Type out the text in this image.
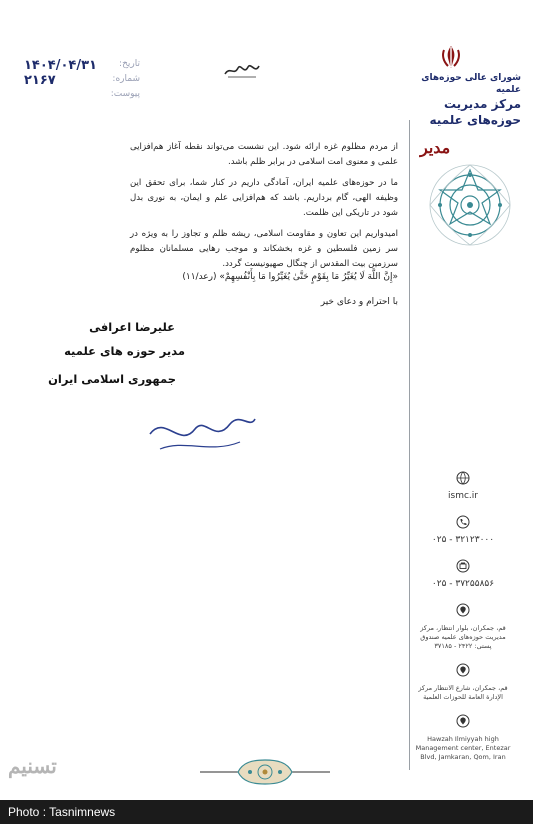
شورای عالی حوزه‌های علمیه
مرکز مدیریت حوزه‌های علمیه
مدیر
تاریخ:
۱۴۰۴/۰۴/۳۱
شماره:
۲۱۶۷
پیوست:

از مردم مظلوم غزه ارائه شود. این نشست می‌تواند نقطه آغاز هم‌افزایی علمی و معنوی امت اسلامی در برابر ظلم باشد.

ما در حوزه‌های علمیه ایران، آمادگی داریم در کنار شما، برای تحقق این وظیفه الهی، گام برداریم. باشد که هم‌افزایی علم و ایمان، به نوری بدل شود در تاریکی این ظلمت.

امیدواریم این تعاون و مقاومت اسلامی، ریشه ظلم و تجاوز را به ویژه در سر زمین فلسطین و غزه بخشکاند و موجب رهایی مسلمانان مظلوم سرزمین بیت المقدس از چنگال صهیونیست گردد.

«إِنَّ اللَّهَ لَا يُغَيِّرُ مَا بِقَوْمٍ حَتَّىٰ يُغَيِّرُوا مَا بِأَنْفُسِهِمْ» (رعد/۱۱)
با احترام و دعای خیر
علیرضا اعرافی
مدیر حوزه های علمیه
جمهوری اسلامی ایران
ismc.ir
۰۲۵ - ۳۲۱۲۳۰۰۰
۰۲۵ - ۳۷۲۵۵۸۵۶
قم، جمکران، بلوار انتظار، مرکز مدیریت حوزه‌های علمیه صندوق پستی: ۲۴۲۲ - ۳۷۱۸۵
قم، جمکران، شارع الانتظار مرکز الإدارة العامة للحوزات العلمیة
Hawzah Ilmiyyah high Management center, Entezar Blvd, Jamkaran, Qom, Iran
تسنیم
Photo : Tasnimnews
